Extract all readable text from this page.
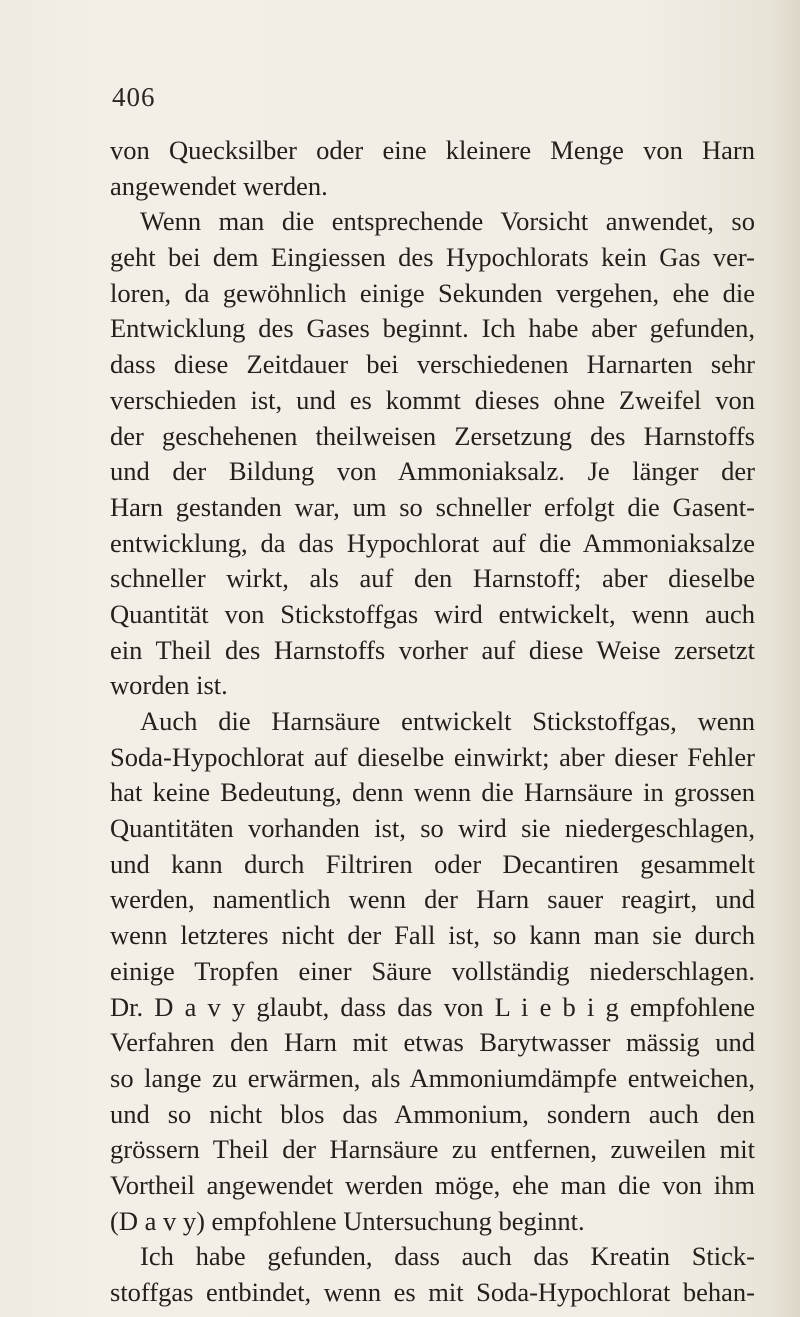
406
von Quecksilber oder eine kleinere Menge von Harn
angewendet werden.
Wenn man die entsprechende Vorsicht anwendet, so
geht bei dem Eingiessen des Hypochlorats kein Gas ver-
loren, da gewöhnlich einige Sekunden vergehen, ehe die
Entwicklung des Gases beginnt. Ich habe aber gefunden,
dass diese Zeitdauer bei verschiedenen Harnarten sehr
verschieden ist, und es kommt dieses ohne Zweifel von
der geschehenen theilweisen Zersetzung des Harnstoffs
und der Bildung von Ammoniaksalz. Je länger der
Harn gestanden war, um so schneller erfolgt die Gasent-
entwicklung, da das Hypochlorat auf die Ammoniaksalze
schneller wirkt, als auf den Harnstoff; aber dieselbe
Quantität von Stickstoffgas wird entwickelt, wenn auch
ein Theil des Harnstoffs vorher auf diese Weise zersetzt
worden ist.
Auch die Harnsäure entwickelt Stickstoffgas, wenn
Soda-Hypochlorat auf dieselbe einwirkt; aber dieser Fehler
hat keine Bedeutung, denn wenn die Harnsäure in grossen
Quantitäten vorhanden ist, so wird sie niedergeschlagen,
und kann durch Filtriren oder Decantiren gesammelt
werden, namentlich wenn der Harn sauer reagirt, und
wenn letzteres nicht der Fall ist, so kann man sie durch
einige Tropfen einer Säure vollständig niederschlagen.
Dr. D a v y glaubt, dass das von L i e b i g empfohlene
Verfahren den Harn mit etwas Barytwasser mässig und
so lange zu erwärmen, als Ammoniumdämpfe entweichen,
und so nicht blos das Ammonium, sondern auch den
grössern Theil der Harnsäure zu entfernen, zuweilen mit
Vortheil angewendet werden möge, ehe man die von ihm
(D a v y) empfohlene Untersuchung beginnt.
Ich habe gefunden, dass auch das Kreatin Stick-
stoffgas entbindet, wenn es mit Soda-Hypochlorat behan-
